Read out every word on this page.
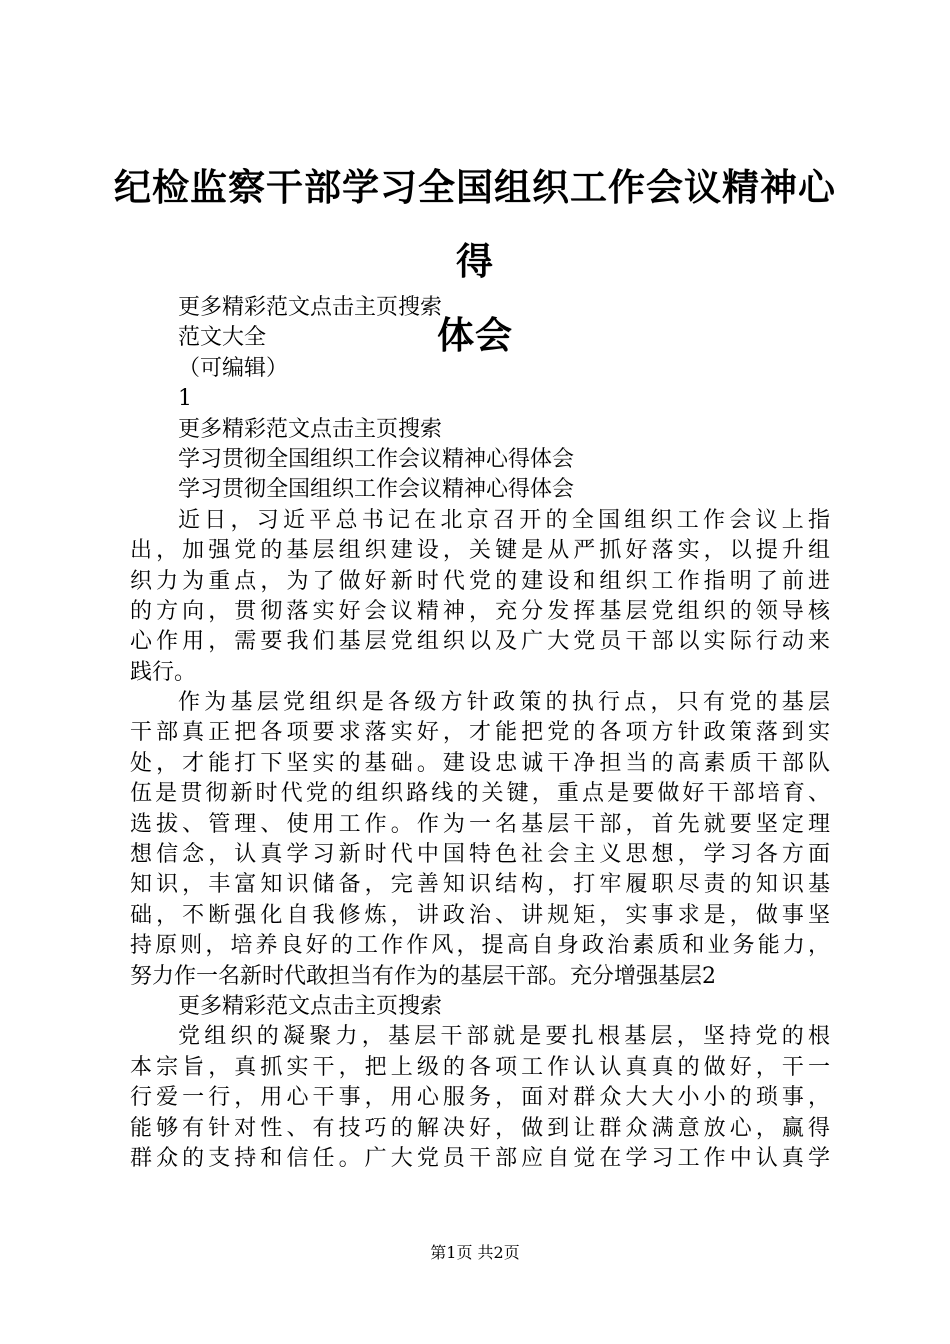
纪检监察干部学习全国组织工作会议精神心得
体会
更多精彩范文点击主页搜索
范文大全
（可编辑）
1
更多精彩范文点击主页搜索
学习贯彻全国组织工作会议精神心得体会
学习贯彻全国组织工作会议精神心得体会
近日，习近平总书记在北京召开的全国组织工作会议上指
出，加强党的基层组织建设，关键是从严抓好落实，以提升组
织力为重点，为了做好新时代党的建设和组织工作指明了前进
的方向，贯彻落实好会议精神，充分发挥基层党组织的领导核
心作用，需要我们基层党组织以及广大党员干部以实际行动来
践行。
作为基层党组织是各级方针政策的执行点，只有党的基层
干部真正把各项要求落实好，才能把党的各项方针政策落到实
处，才能打下坚实的基础。建设忠诚干净担当的高素质干部队
伍是贯彻新时代党的组织路线的关键，重点是要做好干部培育、
选拔、管理、使用工作。作为一名基层干部，首先就要坚定理
想信念，认真学习新时代中国特色社会主义思想，学习各方面
知识，丰富知识储备，完善知识结构，打牢履职尽责的知识基
础，不断强化自我修炼，讲政治、讲规矩，实事求是，做事坚
持原则，培养良好的工作作风，提高自身政治素质和业务能力，
努力作一名新时代敢担当有作为的基层干部。充分增强基层2
更多精彩范文点击主页搜索
党组织的凝聚力，基层干部就是要扎根基层，坚持党的根
本宗旨，真抓实干，把上级的各项工作认认真真的做好，干一
行爱一行，用心干事，用心服务，面对群众大大小小的琐事，
能够有针对性、有技巧的解决好，做到让群众满意放心，赢得
群众的支持和信任。广大党员干部应自觉在学习工作中认真学
第1页 共2页
